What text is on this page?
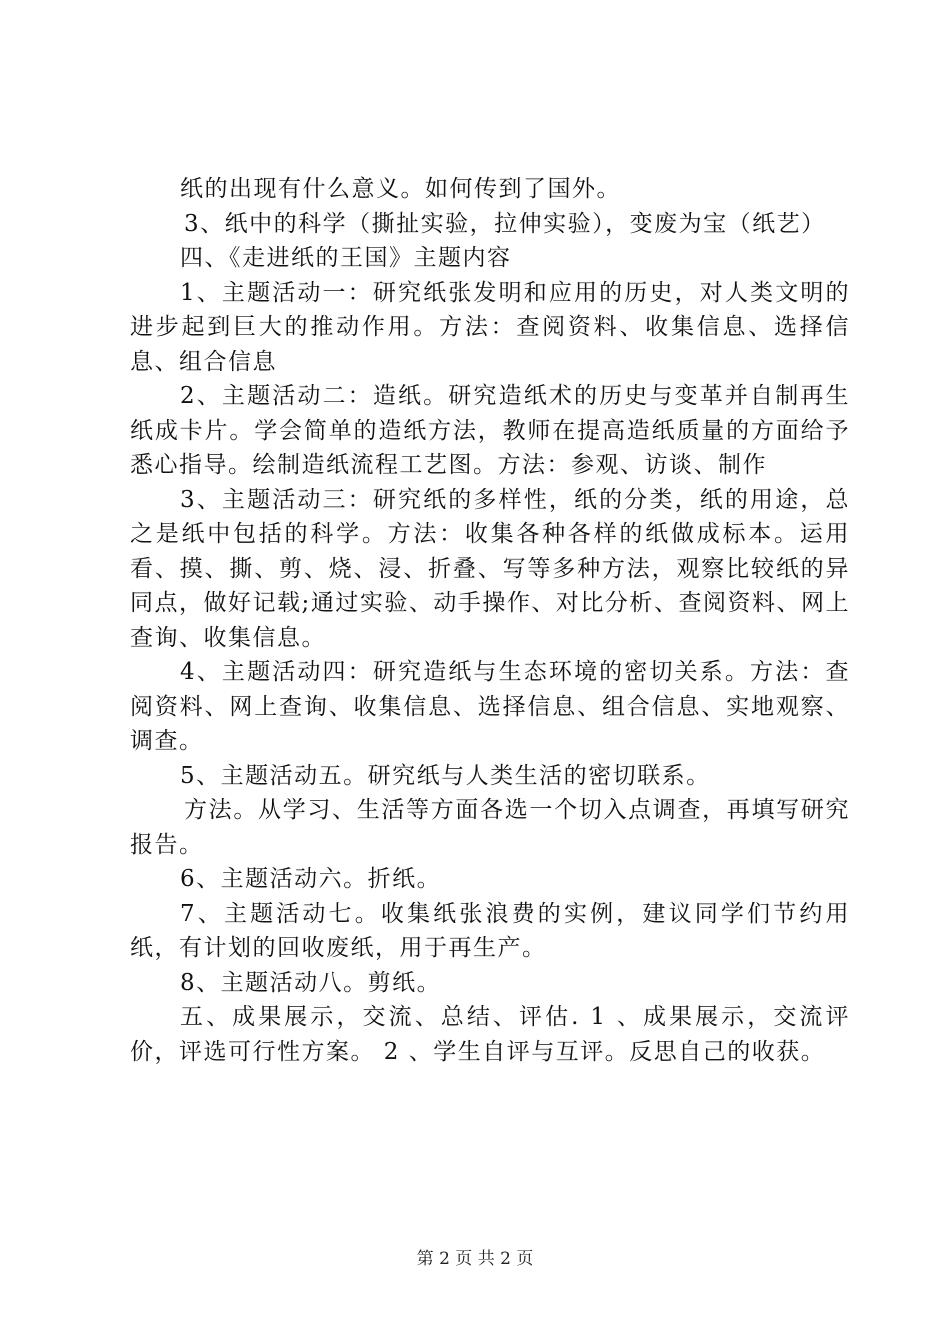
纸的出现有什么意义。如何传到了国外。

3、纸中的科学（撕扯实验，拉伸实验），变废为宝（纸艺）

四、《走进纸的王国》主题内容

1、主题活动一：研究纸张发明和应用的历史，对人类文明的进步起到巨大的推动作用。方法：查阅资料、收集信息、选择信息、组合信息

2、主题活动二：造纸。研究造纸术的历史与变革并自制再生纸成卡片。学会简单的造纸方法，教师在提高造纸质量的方面给予悉心指导。绘制造纸流程工艺图。方法：参观、访谈、制作

3、主题活动三：研究纸的多样性，纸的分类，纸的用途，总之是纸中包括的科学。方法：收集各种各样的纸做成标本。运用看、摸、撕、剪、烧、浸、折叠、写等多种方法，观察比较纸的异同点，做好记载;通过实验、动手操作、对比分析、查阅资料、网上查询、收集信息。

4、主题活动四：研究造纸与生态环境的密切关系。方法：查阅资料、网上查询、收集信息、选择信息、组合信息、实地观察、调查。

5、主题活动五。研究纸与人类生活的密切联系。

方法。从学习、生活等方面各选一个切入点调查，再填写研究报告。

6、主题活动六。折纸。

7、主题活动七。收集纸张浪费的实例，建议同学们节约用纸，有计划的回收废纸，用于再生产。

8、主题活动八。剪纸。

五、成果展示，交流、总结、评估. 1 、成果展示，交流评价，评选可行性方案。 2 、学生自评与互评。反思自己的收获。

第 2 页 共 2 页
